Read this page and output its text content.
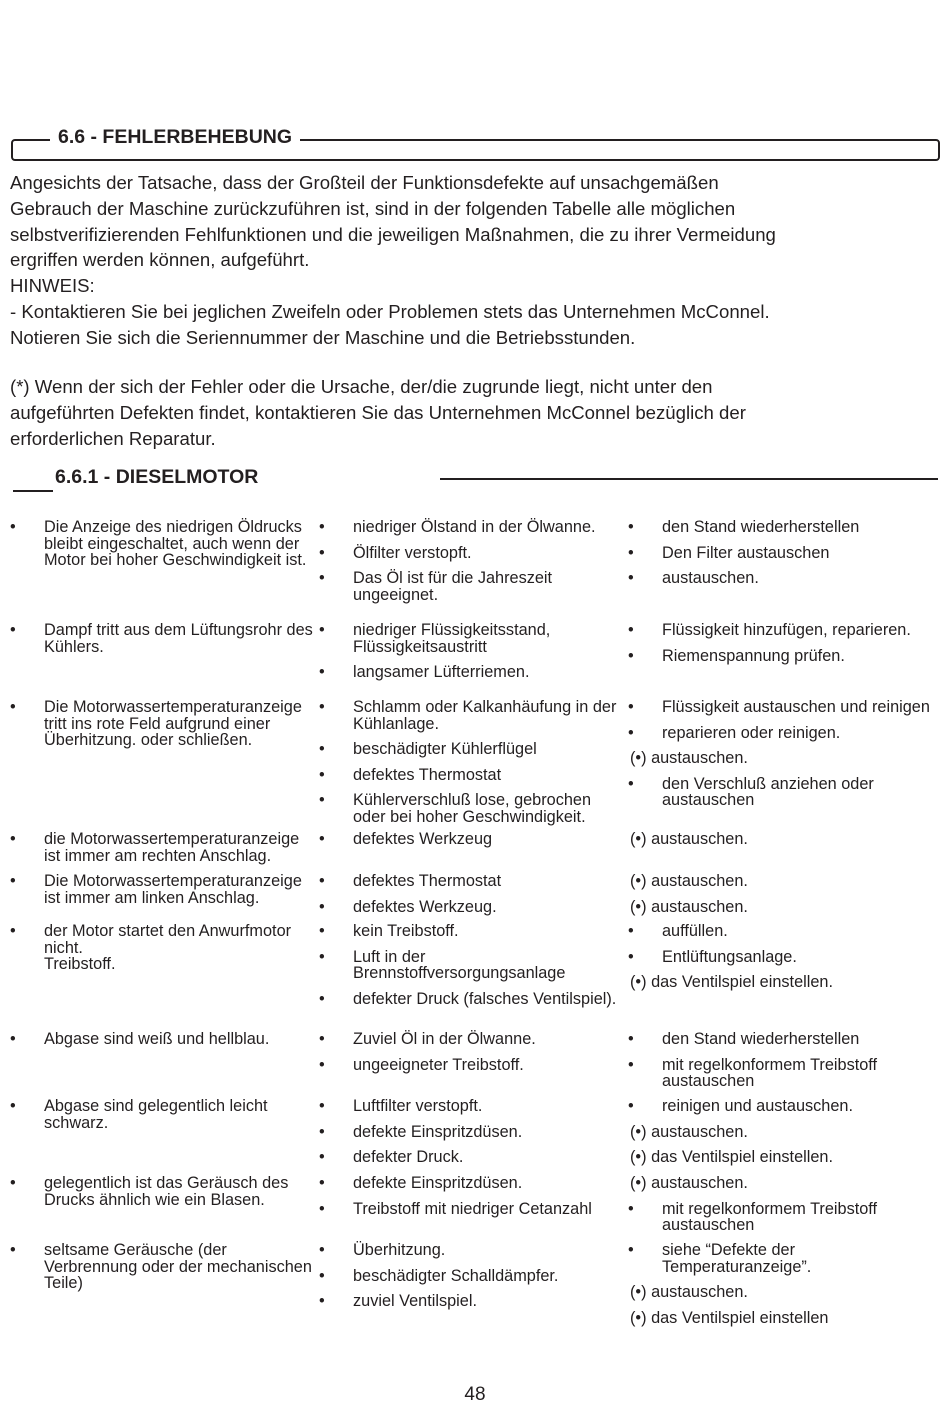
6.6 - FEHLERBEHEBUNG
Angesichts der Tatsache, dass der Großteil der Funktionsdefekte auf unsachgemäßen
Gebrauch der Maschine zurückzuführen ist, sind in der folgenden Tabelle alle möglichen
selbstverifizierenden Fehlfunktionen und die jeweiligen Maßnahmen, die zu ihrer Vermeidung
ergriffen werden können, aufgeführt.
HINWEIS:
- Kontaktieren Sie bei jeglichen Zweifeln oder Problemen stets das Unternehmen McConnel.
Notieren Sie sich die Seriennummer der Maschine und die Betriebsstunden.
(*) Wenn der sich der Fehler oder die Ursache, der/die zugrunde liegt, nicht unter den
aufgeführten Defekten findet, kontaktieren Sie das Unternehmen McConnel bezüglich der
erforderlichen Reparatur.
6.6.1 - DIESELMOTOR
• Die Anzeige des niedrigen Öldrucks bleibt eingeschaltet, auch wenn der Motor bei hoher Geschwindigkeit ist.
• niedriger Ölstand in der Ölwanne.
• Ölfilter verstopft.
• Das Öl ist für die Jahreszeit ungeeignet.
• den Stand wiederherstellen
• Den Filter austauschen
• austauschen.
• Dampf tritt aus dem Lüftungsrohr des Kühlers.
• niedriger Flüssigkeitsstand, Flüssigkeitsaustritt
• langsamer Lüfterriemen.
• Flüssigkeit hinzufügen, reparieren.
• Riemenspannung prüfen.
• Die Motorwassertemperaturanzeige tritt ins rote Feld aufgrund einer Überhitzung. oder schließen.
• Schlamm oder Kalkanhäufung in der Kühlanlage.
• beschädigter Kühlerflügel
• defektes Thermostat
• Kühlerverschluß lose, gebrochen oder bei hoher Geschwindigkeit.
• Flüssigkeit austauschen und reinigen
• reparieren oder reinigen.
(•) austauschen.
• den Verschluß anziehen oder austauschen
• die Motorwassertemperaturanzeige ist immer am rechten Anschlag.
• defektes Werkzeug	(•) austauschen.
• Die Motorwassertemperaturanzeige ist immer am linken Anschlag.
• defektes Thermostat
• defektes Werkzeug.
(•) austauschen.
(•) austauschen.
• der Motor startet den Anwurfmotor nicht.
Treibstoff.
• kein Treibstoff.
• Luft in der Brennstoffversorgungsanlage
• defekter Druck (falsches Ventilspiel).
• auffüllen.
• Entlüftungsanlage.
(•) das Ventilspiel einstellen.
• Abgase sind weiß und hellblau.
•	Zuviel Öl in der Ölwanne.
• ungeeigneter Treibstoff.
• den Stand wiederherstellen
• mit regelkonformem Treibstoff austauschen
• Abgase sind gelegentlich leicht schwarz.
• Luftfilter verstopft.
• defekte Einspritzdüsen.
• defekter Druck.
• reinigen und austauschen.
(•) austauschen.
(•) das Ventilspiel einstellen.
• gelegentlich ist das Geräusch des Drucks ähnlich wie ein Blasen.
• defekte Einspritzdüsen.
• Treibstoff mit niedriger Cetanzahl
(•) austauschen.
• mit regelkonformem Treibstoff austauschen
• seltsame Geräusche (der Verbrennung oder der mechanischen Teile)
• Überhitzung.
• beschädigter Schalldämpfer.
• zuviel Ventilspiel.
• siehe “Defekte der Temperaturanzeige”.
(•) austauschen.
(•) das Ventilspiel einstellen
48
